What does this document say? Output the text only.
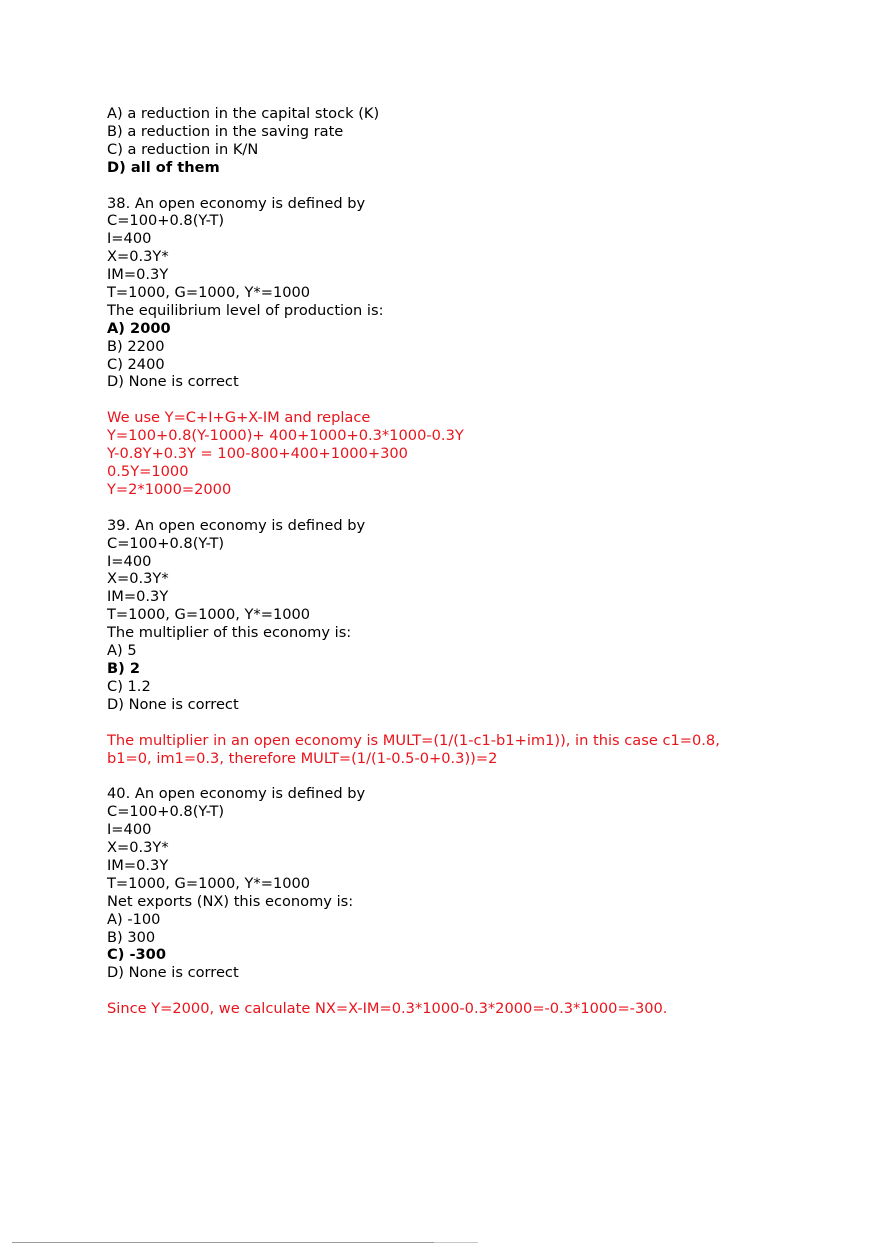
A) a reduction in the capital stock (K)
B) a reduction in the saving rate
C) a reduction in K/N
D) all of them
38. An open economy is defined by
C=100+0.8(Y-T)
I=400
X=0.3Y*
IM=0.3Y
T=1000, G=1000, Y*=1000
The equilibrium level of production is:
A) 2000
B) 2200
C) 2400
D) None is correct
We use Y=C+I+G+X-IM and replace
Y=100+0.8(Y-1000)+ 400+1000+0.3*1000-0.3Y
Y-0.8Y+0.3Y = 100-800+400+1000+300
0.5Y=1000
Y=2*1000=2000
39. An open economy is defined by
C=100+0.8(Y-T)
I=400
X=0.3Y*
IM=0.3Y
T=1000, G=1000, Y*=1000
The multiplier of this economy is:
A) 5
B) 2
C) 1.2
D) None is correct
The multiplier in an open economy is MULT=(1/(1-c1-b1+im1)), in this case c1=0.8,
b1=0, im1=0.3, therefore MULT=(1/(1-0.5-0+0.3))=2
40. An open economy is defined by
C=100+0.8(Y-T)
I=400
X=0.3Y*
IM=0.3Y
T=1000, G=1000, Y*=1000
Net exports (NX) this economy is:
A) -100
B) 300
C) -300
D) None is correct
Since Y=2000, we calculate NX=X-IM=0.3*1000-0.3*2000=-0.3*1000=-300.
